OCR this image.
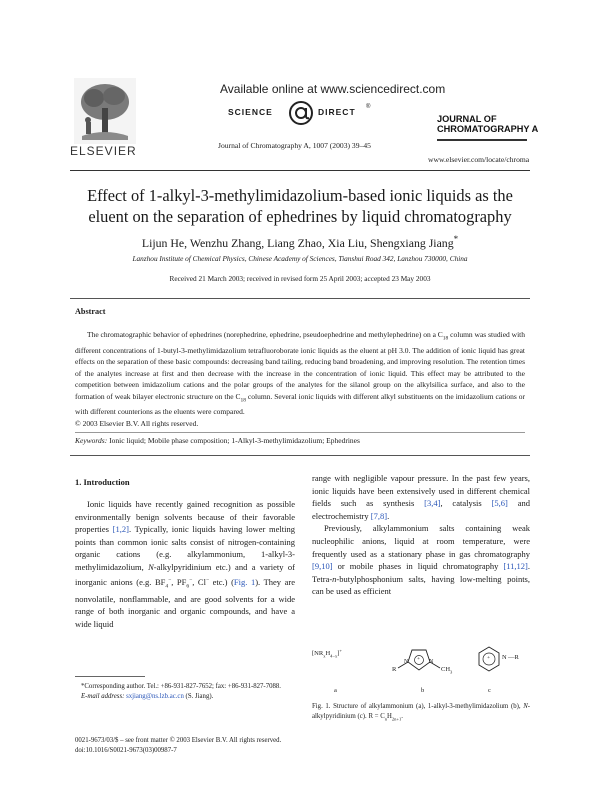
ELSEVIER
Available online at www.sciencedirect.com
SCIENCE	DIRECT ®
Journal of Chromatography A, 1007 (2003) 39–45
JOURNAL OF
CHROMATOGRAPHY A
www.elsevier.com/locate/chroma
Effect of 1-alkyl-3-methylimidazolium-based ionic liquids as the
eluent on the separation of ephedrines by liquid chromatography
Lijun He, Wenzhu Zhang, Liang Zhao, Xia Liu, Shengxiang Jiang*
Lanzhou Institute of Chemical Physics, Chinese Academy of Sciences, Tianshui Road 342, Lanzhou 730000, China
Received 21 March 2003; received in revised form 25 April 2003; accepted 23 May 2003
Abstract

The chromatographic behavior of ephedrines (norephedrine, ephedrine, pseudoephedrine and methylephedrine) on a $C_{18}$ column was studied with different concentrations of 1-butyl-3-methylimidazolium tetrafluoroborate ionic liquids as the eluent at pH 3.0. The addition of ionic liquid has great effects on the separation of these basic compounds: decreasing band tailing, reducing band broadening, and improving resolution. The retention times of the analytes increase at first and then decrease with the increase in the concentration of ionic liquid. This effect may be attributed to the competition between imidazolium cations and the polar groups of the analytes for the silanol group on the alkylsilica surface, and also to the formation of weak bilayer electronic structure on the $C_{18}$ column. Several ionic liquids with different alkyl substituents on the imidazolium cations or with different counterions as the eluents were compared.

© 2003 Elsevier B.V. All rights reserved.

Keywords: Ionic liquid; Mobile phase composition; 1-Alkyl-3-methylimidazolium; Ephedrines
1. Introduction

Ionic liquids have recently gained recognition as possible environmentally benign solvents because of their favorable properties [1,2]. Typically, ionic liquids having lower melting points than common ionic salts consist of nitrogen-containing organic cations (e.g. alkylammonium, 1-alkyl-3-methylimidazolium, N-alkylpyridinium etc.) and a variety of inorganic anions (e.g. $BF_4^-$, $PF_6^-$, Cl− etc.) (Fig. 1). They are nonvolatile, nonflammable, and are good solvents for a wide range of both inorganic and organic compounds, and have a wide liquid

*Corresponding author. Tel.: +86-931-827-7652; fax: +86-931-827-7088.

E-mail address: sxjiang@ns.lzb.ac.cn (S. Jiang).

0021-9673/03/$ – see front matter © 2003 Elsevier B.V. All rights reserved.
doi:10.1016/S0021-9673(03)00987-7

range with negligible vapour pressure. In the past few years, ionic liquids have been extensively used in different chemical fields such as synthesis [3,4], catalysis [5,6] and electrochemistry [7,8].

Previously, alkylammonium salts containing weak nucleophilic anions, liquid at room temperature, were frequently used as a stationary phase in gas chromatography [9,10] or mobile phases in liquid chromatography [11,12]. Tetra-n-butylphosphonium salts, having low-melting points, can be used as efficient

$[NR_xH_{4-x}]^+$
+
R
N	N
$CH_3$
+ N —R
a	b	c
Fig. 1. Structure of alkylammonium (a), 1-alkyl-3-methylimidazolium (b), N-alkylpyridinium (c). $R = C_nH_{2n+1}$.
